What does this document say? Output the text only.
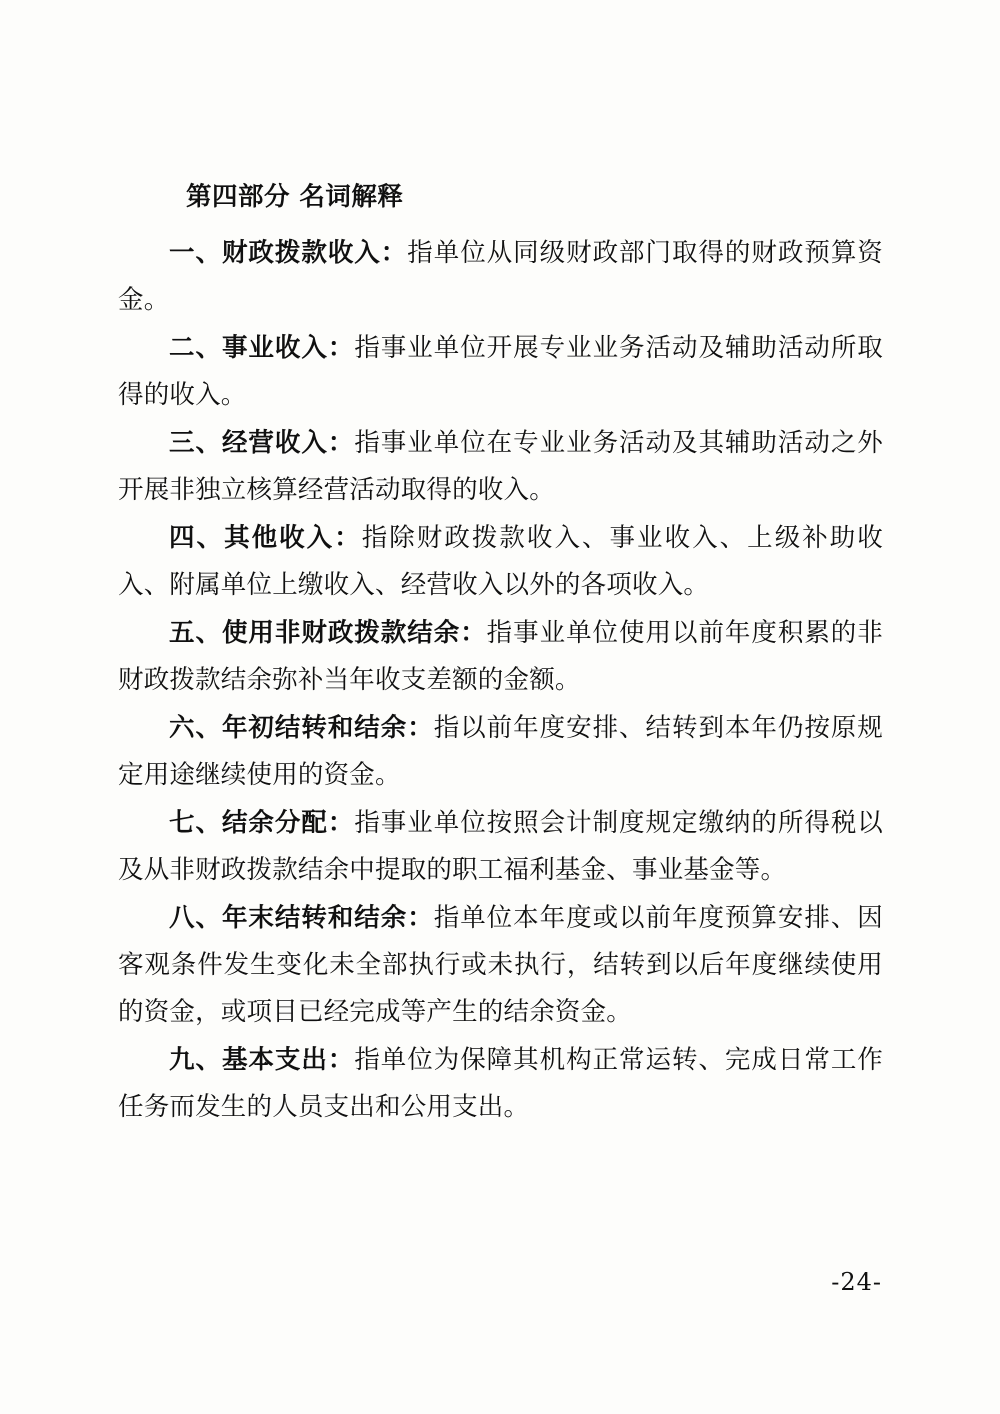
第四部分 名词解释

一、财政拨款收入：指单位从同级财政部门取得的财政预算资金。

二、事业收入：指事业单位开展专业业务活动及辅助活动所取得的收入。

三、经营收入：指事业单位在专业业务活动及其辅助活动之外开展非独立核算经营活动取得的收入。

四、其他收入：指除财政拨款收入、事业收入、上级补助收入、附属单位上缴收入、经营收入以外的各项收入。

五、使用非财政拨款结余：指事业单位使用以前年度积累的非财政拨款结余弥补当年收支差额的金额。

六、年初结转和结余：指以前年度安排、结转到本年仍按原规定用途继续使用的资金。

七、结余分配：指事业单位按照会计制度规定缴纳的所得税以及从非财政拨款结余中提取的职工福利基金、事业基金等。

八、年末结转和结余：指单位本年度或以前年度预算安排、因客观条件发生变化未全部执行或未执行，结转到以后年度继续使用的资金，或项目已经完成等产生的结余资金。

九、基本支出：指单位为保障其机构正常运转、完成日常工作任务而发生的人员支出和公用支出。

-24-
